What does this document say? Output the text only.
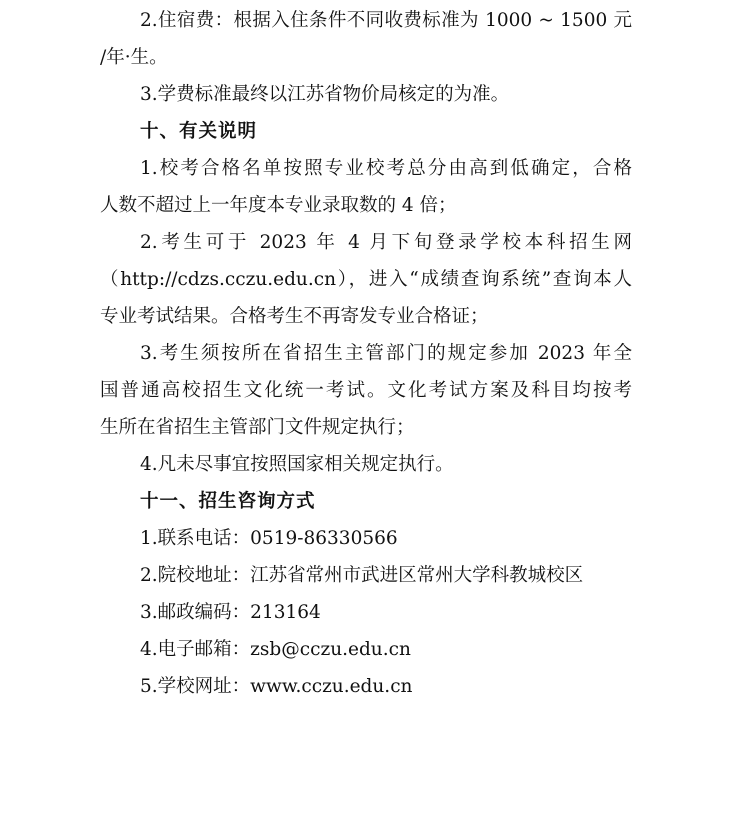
2.住宿费：根据入住条件不同收费标准为 1000 ~ 1500 元
/年·生。
3.学费标准最终以江苏省物价局核定的为准。
十、有关说明
1.校考合格名单按照专业校考总分由高到低确定，合格
人数不超过上一年度本专业录取数的 4 倍；
2.考生可于 2023 年 4 月下旬登录学校本科招生网
（http://cdzs.cczu.edu.cn），进入“成绩查询系统”查询本人
专业考试结果。合格考生不再寄发专业合格证；
3.考生须按所在省招生主管部门的规定参加 2023 年全
国普通高校招生文化统一考试。文化考试方案及科目均按考
生所在省招生主管部门文件规定执行；
4.凡未尽事宜按照国家相关规定执行。
十一、招生咨询方式
1.联系电话：0519-86330566
2.院校地址：江苏省常州市武进区常州大学科教城校区
3.邮政编码：213164
4.电子邮箱：zsb@cczu.edu.cn
5.学校网址：www.cczu.edu.cn
